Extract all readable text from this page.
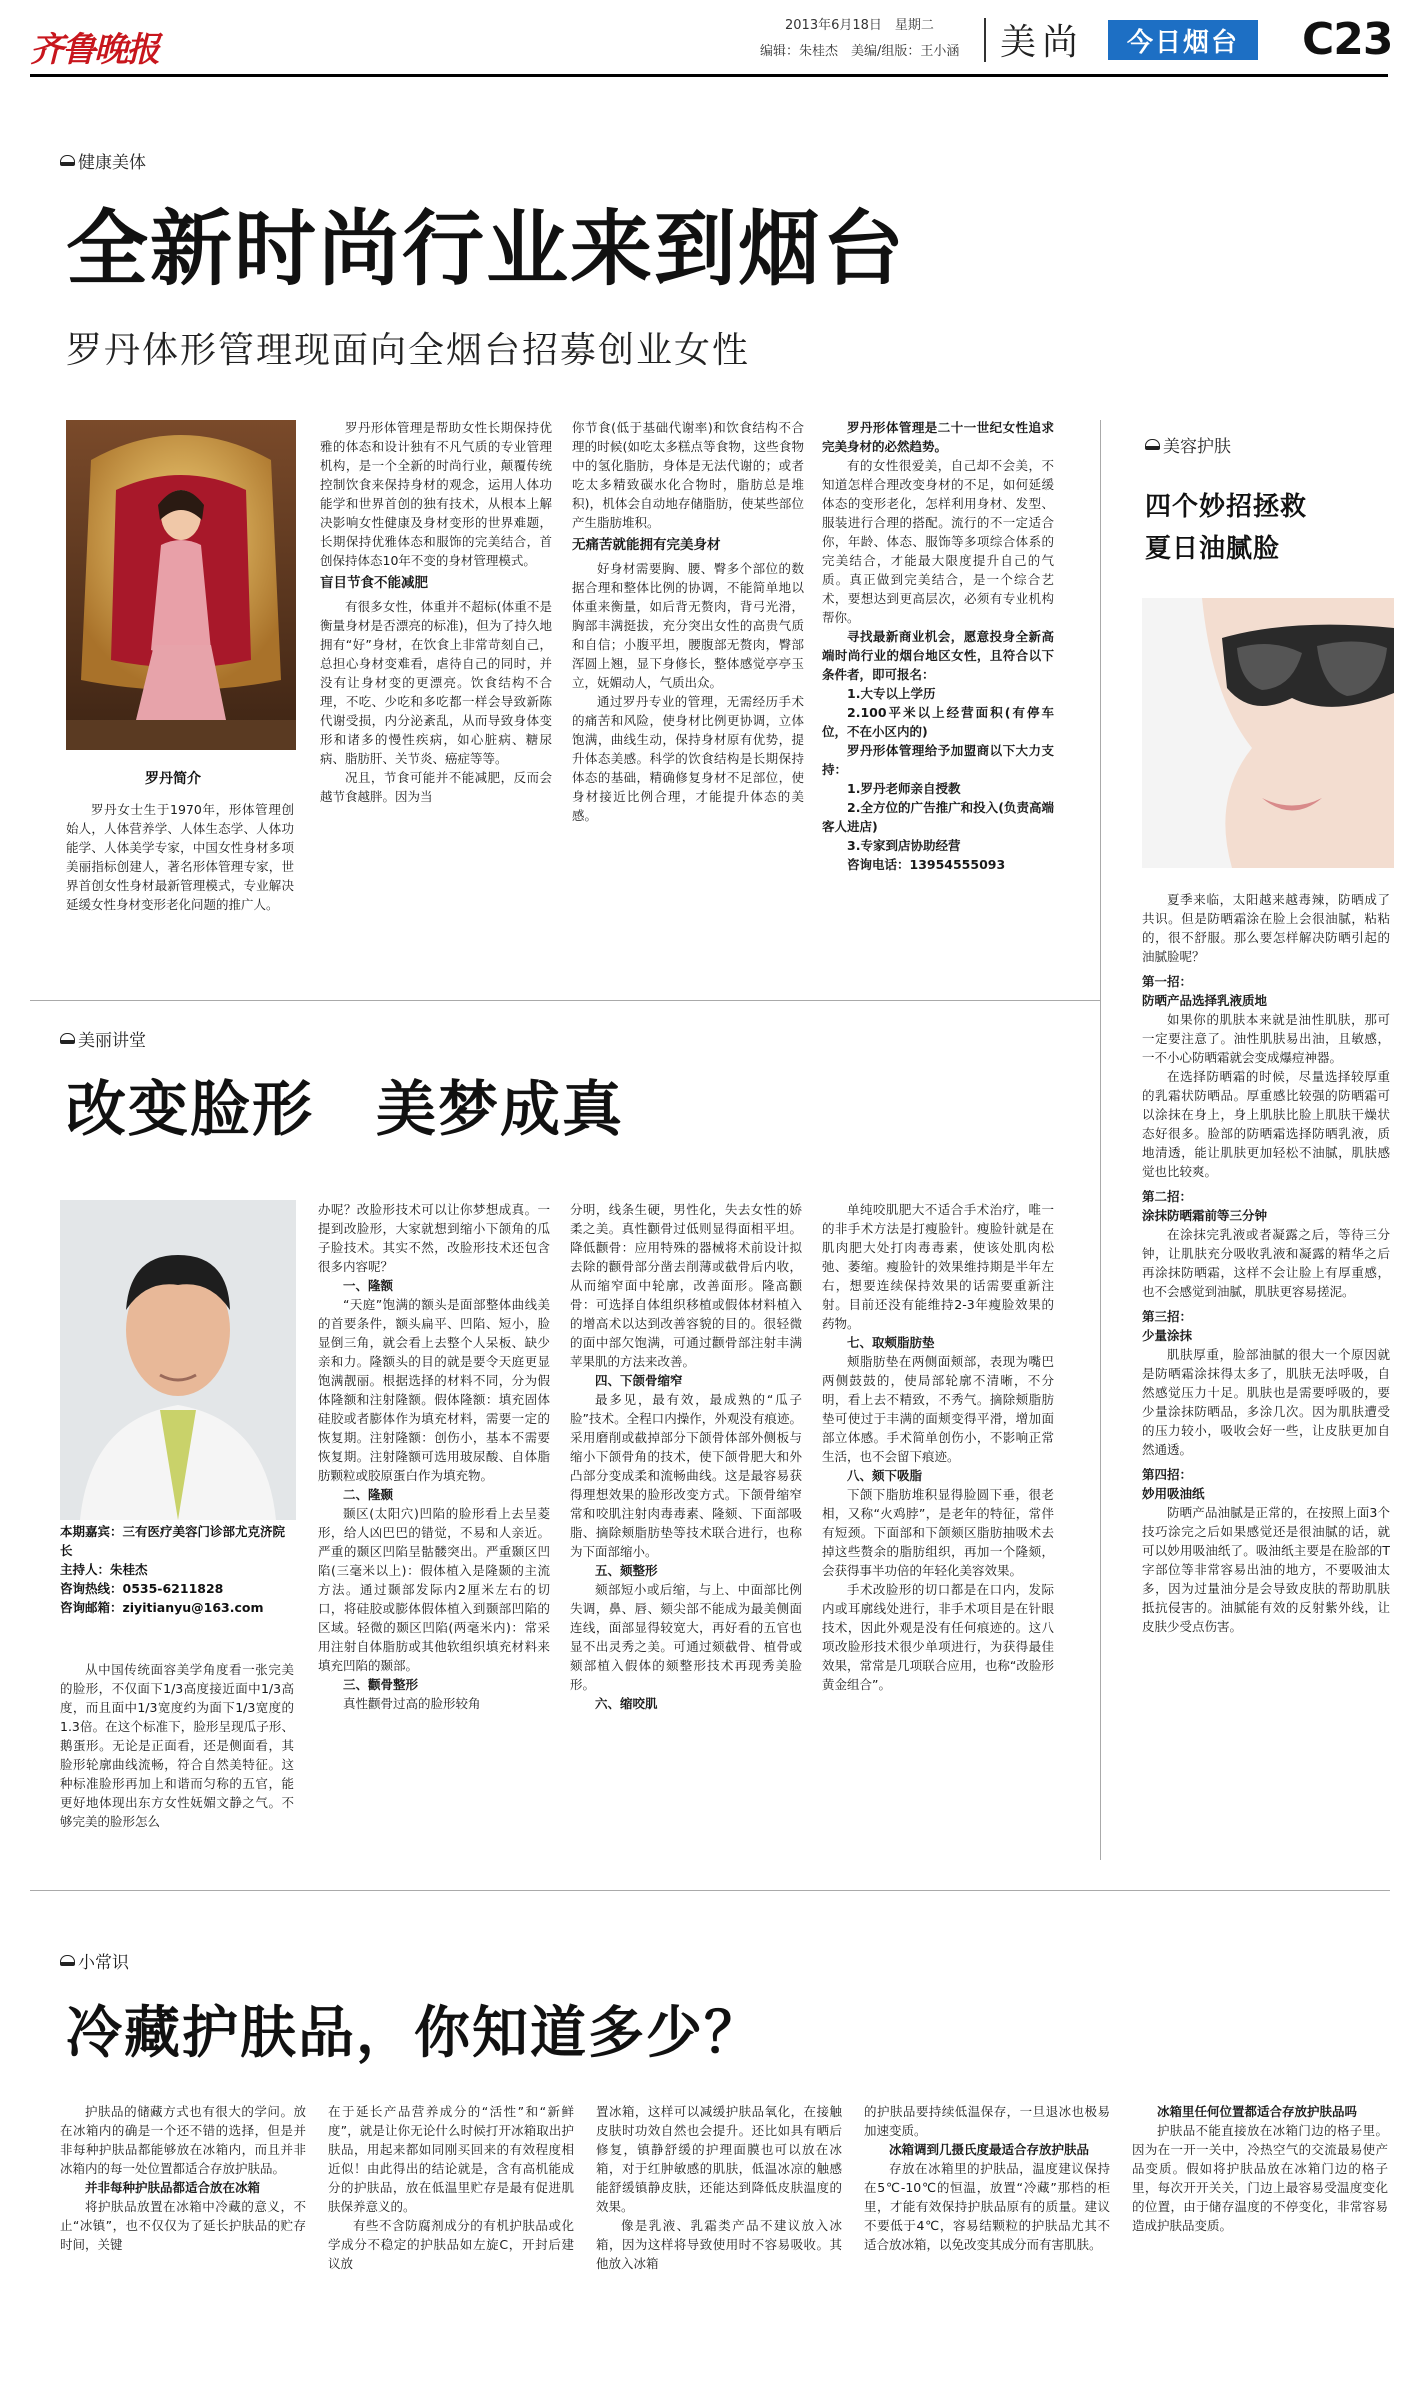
齐鲁晚报
2013年6月18日　星期二
编辑：朱桂杰　美编/组版：王小涵 美尚	今日烟台	C23
健康美体
全新时尚行业来到烟台
罗丹体形管理现面向全烟台招募创业女性
罗丹简介

罗丹女士生于1970年，形体管理创始人，人体营养学、人体生态学、人体功能学、人体美学专家，中国女性身材多项美丽指标创建人，著名形体管理专家，世界首创女性身材最新管理模式，专业解决延缓女性身材变形老化问题的推广人。

罗丹形体管理是帮助女性长期保持优雅的体态和设计独有不凡气质的专业管理机构，是一个全新的时尚行业，颠覆传统控制饮食来保持身材的观念，运用人体功能学和世界首创的独有技术，从根本上解决影响女性健康及身材变形的世界难题，长期保持优雅体态和服饰的完美结合，首创保持体态10年不变的身材管理模式。

盲目节食不能减肥

有很多女性，体重并不超标(体重不是衡量身材是否漂亮的标准)，但为了持久地拥有“好”身材，在饮食上非常苛刻自己，总担心身材变难看，虐待自己的同时，并没有让身材变的更漂亮。饮食结构不合理，不吃、少吃和多吃都一样会导致新陈代谢受损，内分泌紊乱，从而导致身体变形和诸多的慢性疾病，如心脏病、糖尿病、脂肪肝、关节炎、癌症等等。

况且，节食可能并不能减肥，反而会越节食越胖。因为当

你节食(低于基础代谢率)和饮食结构不合理的时候(如吃太多糕点等食物，这些食物中的氢化脂肪，身体是无法代谢的；或者吃太多精致碳水化合物时，脂肪总是堆积)，机体会自动地存储脂肪，使某些部位产生脂肪堆积。

无痛苦就能拥有完美身材

好身材需要胸、腰、臀多个部位的数据合理和整体比例的协调，不能简单地以体重来衡量，如后背无赘肉，背弓光滑，胸部丰满挺拔，充分突出女性的高贵气质和自信；小腹平坦，腰腹部无赘肉，臀部浑圆上翘，显下身修长，整体感觉亭亭玉立，妩媚动人，气质出众。

通过罗丹专业的管理，无需经历手术的痛苦和风险，使身材比例更协调，立体饱满，曲线生动，保持身材原有优势，提升体态美感。科学的饮食结构是长期保持体态的基础，精确修复身材不足部位，使身材接近比例合理，才能提升体态的美感。

罗丹形体管理是二十一世纪女性追求完美身材的必然趋势。

有的女性很爱美，自己却不会美，不知道怎样合理改变身材的不足，如何延缓体态的变形老化，怎样利用身材、发型、服装进行合理的搭配。流行的不一定适合你，年龄、体态、服饰等多项综合体系的完美结合，才能最大限度提升自己的气质。真正做到完美结合，是一个综合艺术，要想达到更高层次，必须有专业机构帮你。

寻找最新商业机会，愿意投身全新高端时尚行业的烟台地区女性，且符合以下条件者，即可报名：

1.大专以上学历

2.100平米以上经营面积(有停车位，不在小区内的)

罗丹形体管理给予加盟商以下大力支持：

1.罗丹老师亲自授教

2.全方位的广告推广和投入(负责高端客人进店)

3.专家到店协助经营

咨询电话：13954555093

美容护肤
四个妙招拯救
夏日油腻脸

夏季来临，太阳越来越毒辣，防晒成了共识。但是防晒霜涂在脸上会很油腻，粘粘的，很不舒服。那么要怎样解决防晒引起的油腻脸呢？

第一招：

防晒产品选择乳液质地

如果你的肌肤本来就是油性肌肤，那可一定要注意了。油性肌肤易出油，且敏感，一不小心防晒霜就会变成爆痘神器。

在选择防晒霜的时候，尽量选择较厚重的乳霜状防晒品。厚重感比较强的防晒霜可以涂抹在身上，身上肌肤比脸上肌肤干燥状态好很多。脸部的防晒霜选择防晒乳液，质地清透，能让肌肤更加轻松不油腻，肌肤感觉也比较爽。

第二招：

涂抹防晒霜前等三分钟

在涂抹完乳液或者凝露之后，等待三分钟，让肌肤充分吸收乳液和凝露的精华之后再涂抹防晒霜，这样不会让脸上有厚重感，也不会感觉到油腻，肌肤更容易搓泥。

第三招：

少量涂抹

肌肤厚重，脸部油腻的很大一个原因就是防晒霜涂抹得太多了，肌肤无法呼吸，自然感觉压力十足。肌肤也是需要呼吸的，要少量涂抹防晒品，多涂几次。因为肌肤遭受的压力较小，吸收会好一些，让皮肤更加自然通透。

第四招：

妙用吸油纸

防晒产品油腻是正常的，在按照上面3个技巧涂完之后如果感觉还是很油腻的话，就可以妙用吸油纸了。吸油纸主要是在脸部的T字部位等非常容易出油的地方，不要吸油太多，因为过量油分是会导致皮肤的帮助肌肤抵抗侵害的。油腻能有效的反射紫外线，让皮肤少受点伤害。

美丽讲堂
改变脸形　美梦成真
本期嘉宾：三有医疗美容门诊部尤克济院长
主持人：朱桂杰
咨询热线：0535-6211828
咨询邮箱：ziyitianyu@163.com

从中国传统面容美学角度看一张完美的脸形，不仅面下1/3高度接近面中1/3高度，而且面中1/3宽度约为面下1/3宽度的1.3倍。在这个标准下，脸形呈现瓜子形、鹅蛋形。无论是正面看，还是侧面看，其脸形轮廓曲线流畅，符合自然美特征。这种标准脸形再加上和谐而匀称的五官，能更好地体现出东方女性妩媚文静之气。不够完美的脸形怎么

办呢？改脸形技术可以让你梦想成真。一提到改脸形，大家就想到缩小下颌角的瓜子脸技术。其实不然，改脸形技术还包含很多内容呢？

一、隆额

“天庭”饱满的额头是面部整体曲线美的首要条件，额头扁平、凹陷、短小，脸显倒三角，就会看上去整个人呆板、缺少亲和力。隆额头的目的就是要令天庭更显饱满靓丽。根据选择的材料不同，分为假体隆额和注射隆额。假体隆额：填充固体硅胶或者膨体作为填充材料，需要一定的恢复期。注射隆额：创伤小，基本不需要恢复期。注射隆额可选用玻尿酸、自体脂肪颗粒或胶原蛋白作为填充物。

二、隆颞

颞区(太阳穴)凹陷的脸形看上去呈菱形，给人凶巴巴的错觉，不易和人亲近。严重的颞区凹陷呈骷髅突出。严重颞区凹陷(三毫米以上)：假体植入是隆颞的主流方法。通过颞部发际内2厘米左右的切口，将硅胶或膨体假体植入到颞部凹陷的区域。轻微的颞区凹陷(两毫米内)：常采用注射自体脂肪或其他软组织填充材料来填充凹陷的颞部。

三、颧骨整形

真性颧骨过高的脸形较角

分明，线条生硬，男性化，失去女性的娇柔之美。真性颧骨过低则显得面相平坦。降低颧骨：应用特殊的器械将术前设计拟去除的颧骨部分凿去削薄或截骨后内收，从而缩窄面中轮廓，改善面形。隆高颧骨：可选择自体组织移植或假体材料植入的增高术以达到改善容貌的目的。很轻微的面中部欠饱满，可通过颧骨部注射丰满苹果肌的方法来改善。

四、下颌骨缩窄

最多见，最有效，最成熟的“瓜子脸”技术。全程口内操作，外观没有痕迹。采用磨削或截掉部分下颌骨体部外侧板与缩小下颌骨角的技术，使下颌骨肥大和外凸部分变成柔和流畅曲线。这是最容易获得理想效果的脸形改变方式。下颌骨缩窄常和咬肌注射肉毒毒素、隆颏、下面部吸脂、摘除颊脂肪垫等技术联合进行，也称为下面部缩小。

五、颏整形

颏部短小或后缩，与上、中面部比例失调，鼻、唇、颏尖部不能成为最美侧面连线，面部显得较宽大，再好看的五官也显不出灵秀之美。可通过颏截骨、植骨或颏部植入假体的颏整形技术再现秀美脸形。

六、缩咬肌

单纯咬肌肥大不适合手术治疗，唯一的非手术方法是打瘦脸针。瘦脸针就是在肌肉肥大处打肉毒毒素，使该处肌肉松弛、萎缩。瘦脸针的效果维持期是半年左右，想要连续保持效果的话需要重新注射。目前还没有能维持2-3年瘦脸效果的药物。

七、取颊脂肪垫

颊脂肪垫在两侧面颊部，表现为嘴巴两侧鼓鼓的，使局部轮廓不清晰，不分明，看上去不精致，不秀气。摘除颊脂肪垫可使过于丰满的面颊变得平滑，增加面部立体感。手术简单创伤小，不影响正常生活，也不会留下痕迹。

八、颏下吸脂

下颌下脂肪堆积显得脸圆下垂，很老相，又称“火鸡脖”，是老年的特征，常伴有短颈。下面部和下颌颏区脂肪抽吸术去掉这些赘余的脂肪组织，再加一个隆颏，会获得事半功倍的年轻化美容效果。

手术改脸形的切口都是在口内，发际内或耳廓线处进行，非手术项目是在针眼技术，因此外观是没有任何痕迹的。这八项改脸形技术很少单项进行，为获得最佳效果，常常是几项联合应用，也称“改脸形黄金组合”。

小常识
冷藏护肤品，你知道多少？

护肤品的储藏方式也有很大的学问。放在冰箱内的确是一个还不错的选择，但是并非每种护肤品都能够放在冰箱内，而且并非冰箱内的每一处位置都适合存放护肤品。

并非每种护肤品都适合放在冰箱

将护肤品放置在冰箱中冷藏的意义，不止“冰镇”，也不仅仅为了延长护肤品的贮存时间，关键

在于延长产品营养成分的“活性”和“新鲜度”，就是让你无论什么时候打开冰箱取出护肤品，用起来都如同刚买回来的有效程度相近似！由此得出的结论就是，含有高机能成分的护肤品，放在低温里贮存是最有促进肌肤保养意义的。

有些不含防腐剂成分的有机护肤品或化学成分不稳定的护肤品如左旋C，开封后建议放

置冰箱，这样可以减缓护肤品氧化，在接触皮肤时功效自然也会提升。还比如具有晒后修复，镇静舒缓的护理面膜也可以放在冰箱，对于红肿敏感的肌肤，低温冰凉的触感能舒缓镇静皮肤，还能达到降低皮肤温度的效果。

像是乳液、乳霜类产品不建议放入冰箱，因为这样将导致使用时不容易吸收。其他放入冰箱

的护肤品要持续低温保存，一旦退冰也极易加速变质。

冰箱调到几摄氏度最适合存放护肤品

存放在冰箱里的护肤品，温度建议保持在5℃-10℃的恒温，放置“冷藏”那档的柜里，才能有效保持护肤品原有的质量。建议不要低于4℃，容易结颗粒的护肤品尤其不适合放冰箱，以免改变其成分而有害肌肤。

冰箱里任何位置都适合存放护肤品吗

护肤品不能直接放在冰箱门边的格子里。因为在一开一关中，冷热空气的交流最易使产品变质。假如将护肤品放在冰箱门边的格子里，每次开开关关，门边上最容易受温度变化的位置，由于储存温度的不停变化，非常容易造成护肤品变质。
